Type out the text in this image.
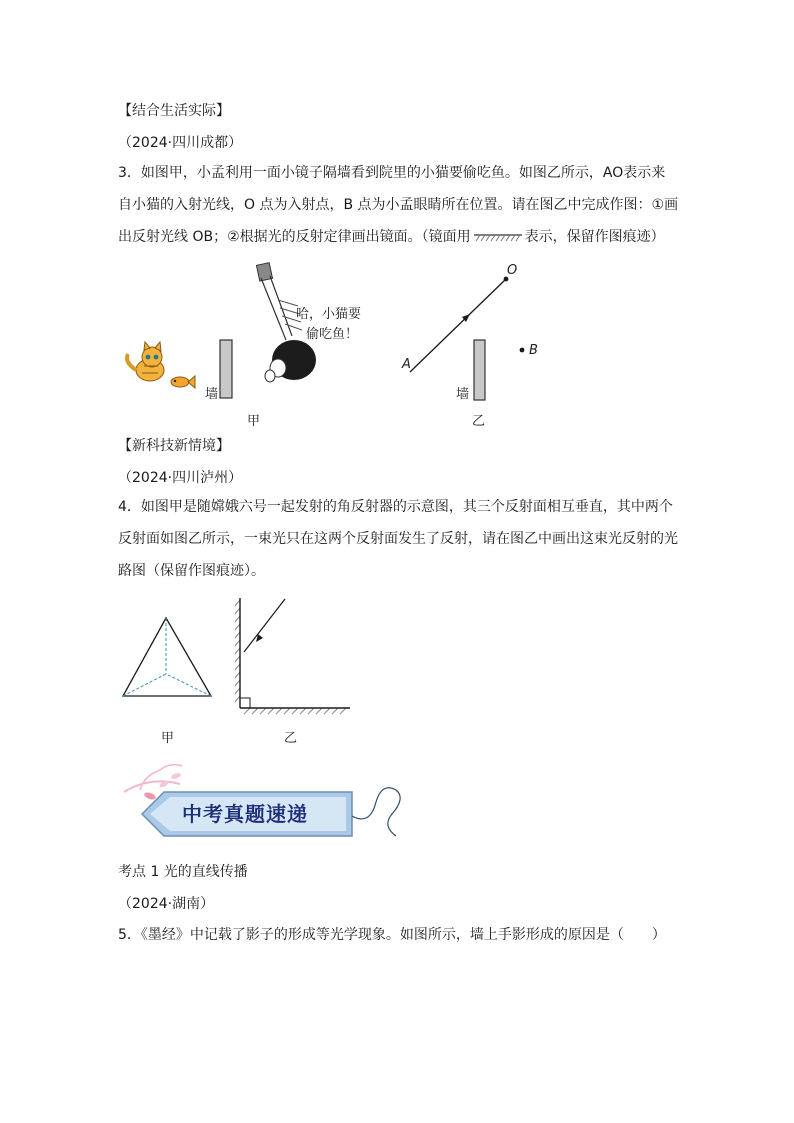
【结合生活实际】
（2024·四川成都）
3．如图甲，小孟利用一面小镜子隔墙看到院里的小猫要偷吃鱼。如图乙所示，AO表示来
自小猫的入射光线，O 点为入射点，B 点为小孟眼睛所在位置。请在图乙中完成作图：①画
出反射光线 OB；②根据光的反射定律画出镜面。（镜面用	表示，保留作图痕迹）
墙
哈，小猫要
偷吃鱼！
甲
O
A
B
墙
乙
【新科技新情境】
（2024·四川泸州）
4．如图甲是随嫦娥六号一起发射的角反射器的示意图，其三个反射面相互垂直，其中两个
反射面如图乙所示，一束光只在这两个反射面发生了反射，请在图乙中画出这束光反射的光
路图（保留作图痕迹）。
甲	乙
中考真题速递
考点 1 光的直线传播
（2024·湖南）
5．《墨经》中记载了影子的形成等光学现象。如图所示，墙上手影形成的原因是（　　）
